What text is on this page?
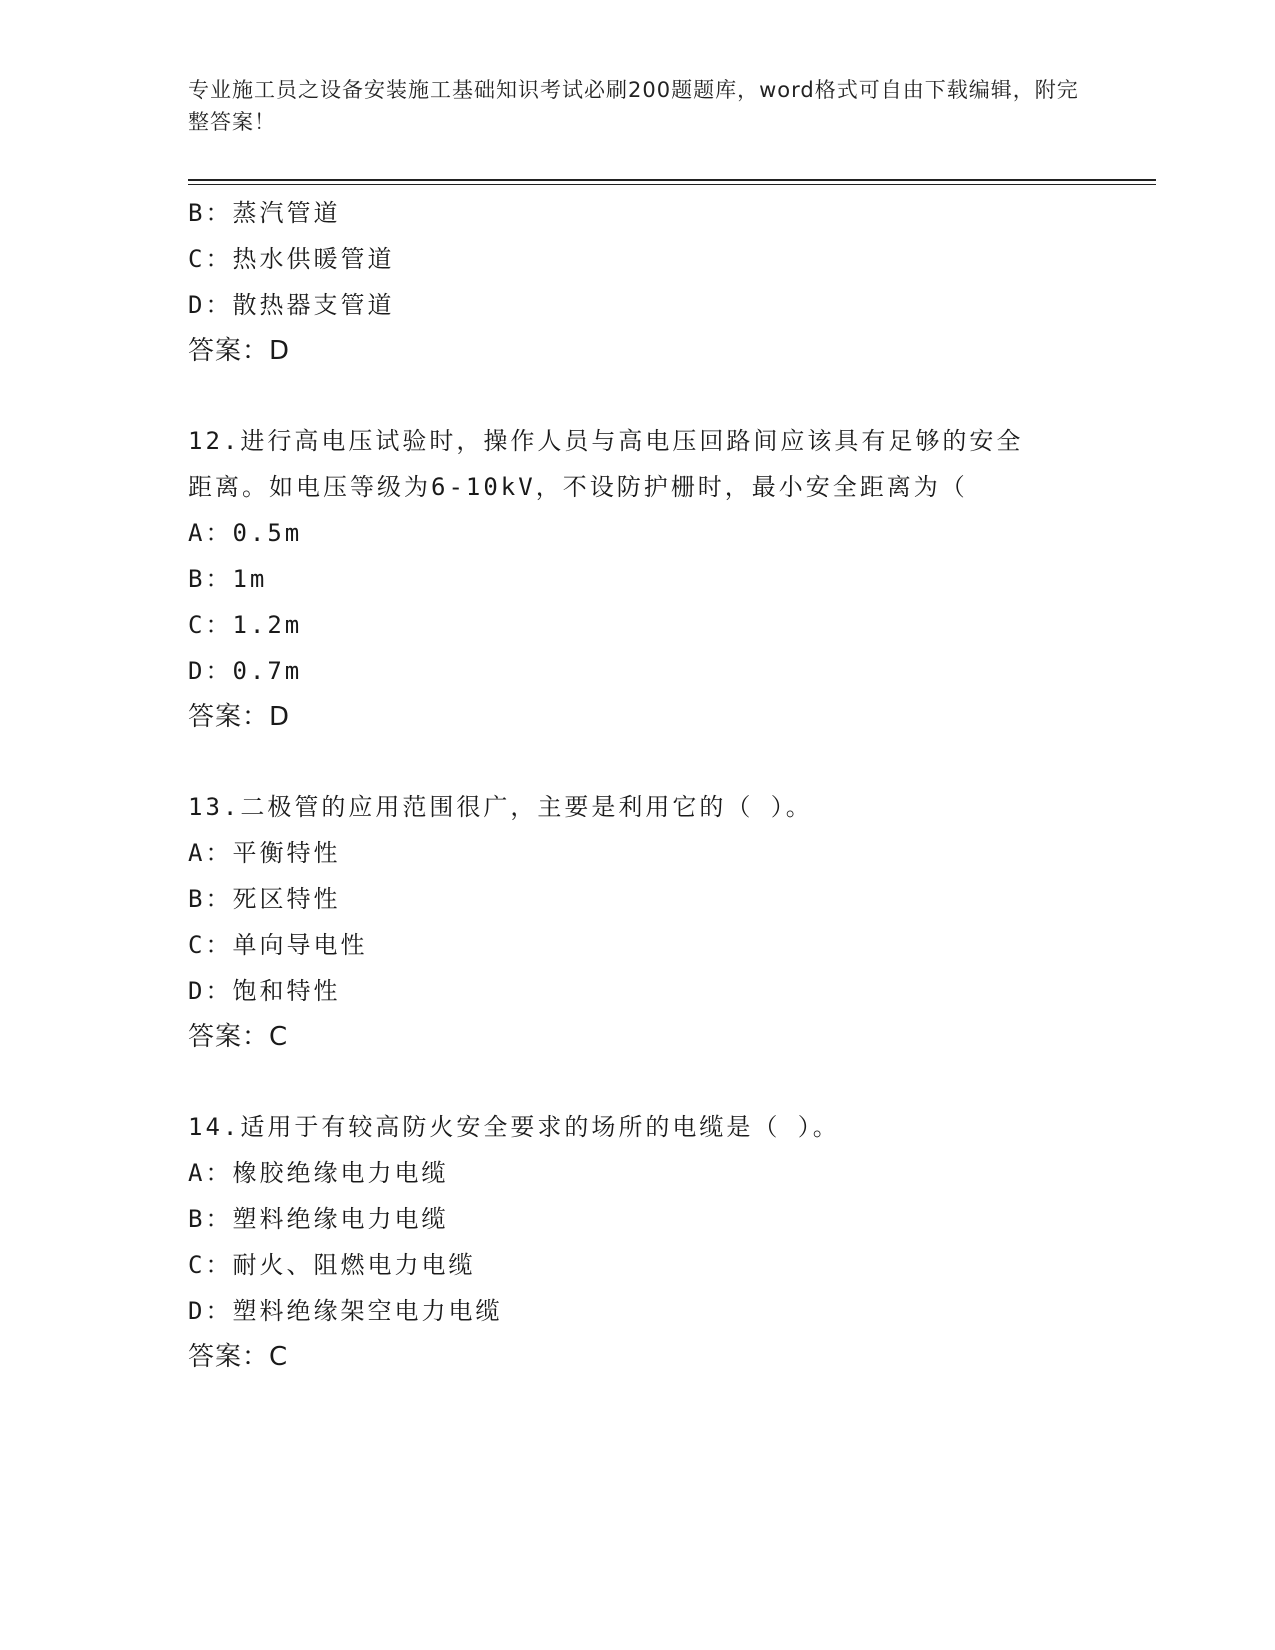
专业施工员之设备安装施工基础知识考试必刷200题题库，word格式可自由下载编辑，附完整答案！
B：蒸汽管道
C：热水供暖管道
D：散热器支管道
答案：D
12.进行高电压试验时，操作人员与高电压回路间应该具有足够的安全
距离。如电压等级为6-10kV，不设防护栅时，最小安全距离为（
A：0.5m
B：1m
C：1.2m
D：0.7m
答案：D
13.二极管的应用范围很广，主要是利用它的（ ）。
A：平衡特性
B：死区特性
C：单向导电性
D：饱和特性
答案：C
14.适用于有较高防火安全要求的场所的电缆是（ ）。
A：橡胶绝缘电力电缆
B：塑料绝缘电力电缆
C：耐火、阻燃电力电缆
D：塑料绝缘架空电力电缆
答案：C
